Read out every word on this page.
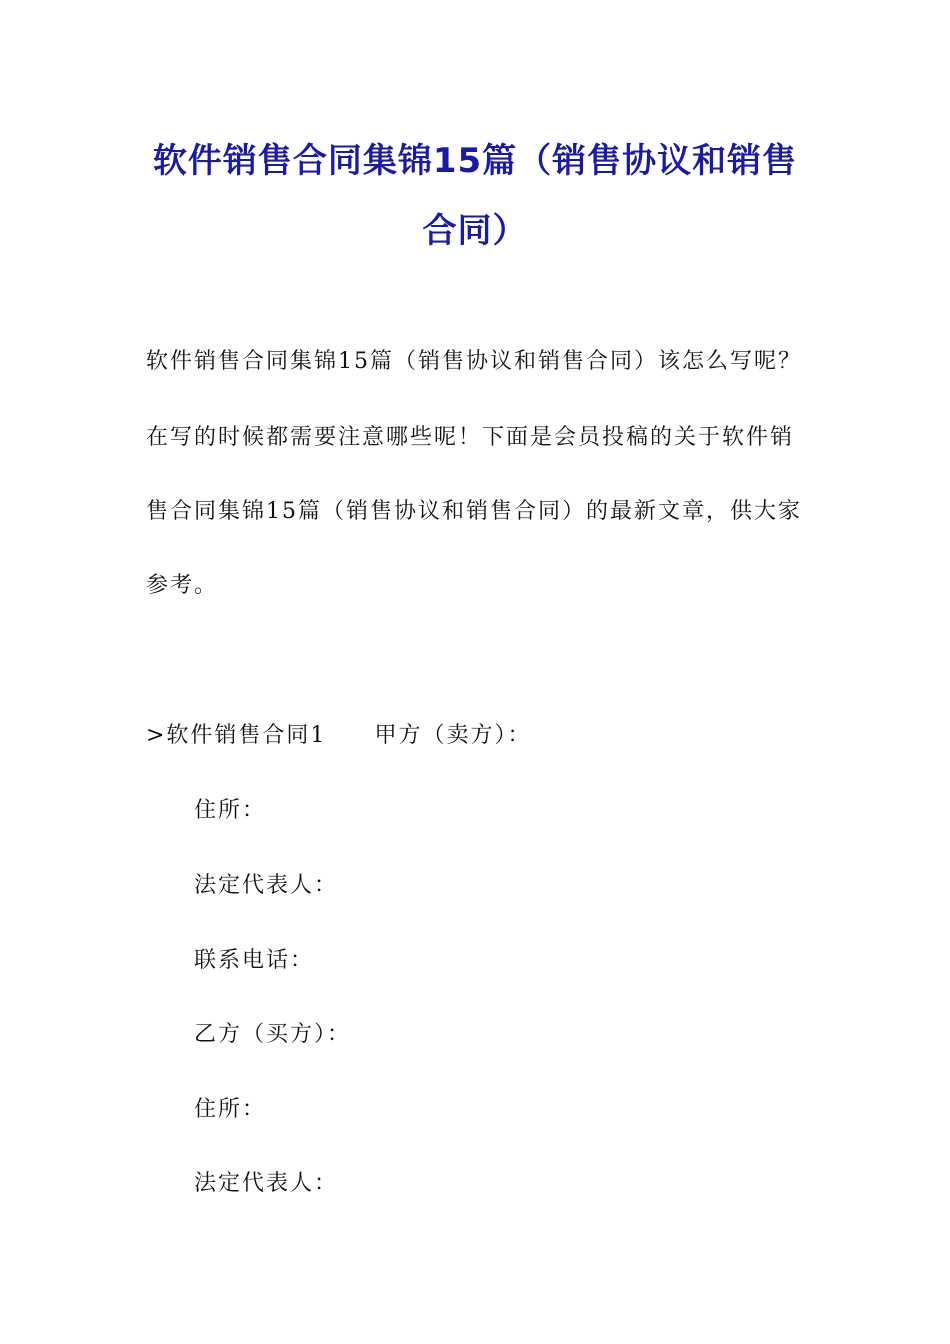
软件销售合同集锦15篇（销售协议和销售
合同）
软件销售合同集锦15篇（销售协议和销售合同）该怎么写呢？
在写的时候都需要注意哪些呢！下面是会员投稿的关于软件销
售合同集锦15篇（销售协议和销售合同）的最新文章，供大家
参考。
>软件销售合同1 甲方（卖方）：
住所：
法定代表人：
联系电话：
乙方（买方）：
住所：
法定代表人：
